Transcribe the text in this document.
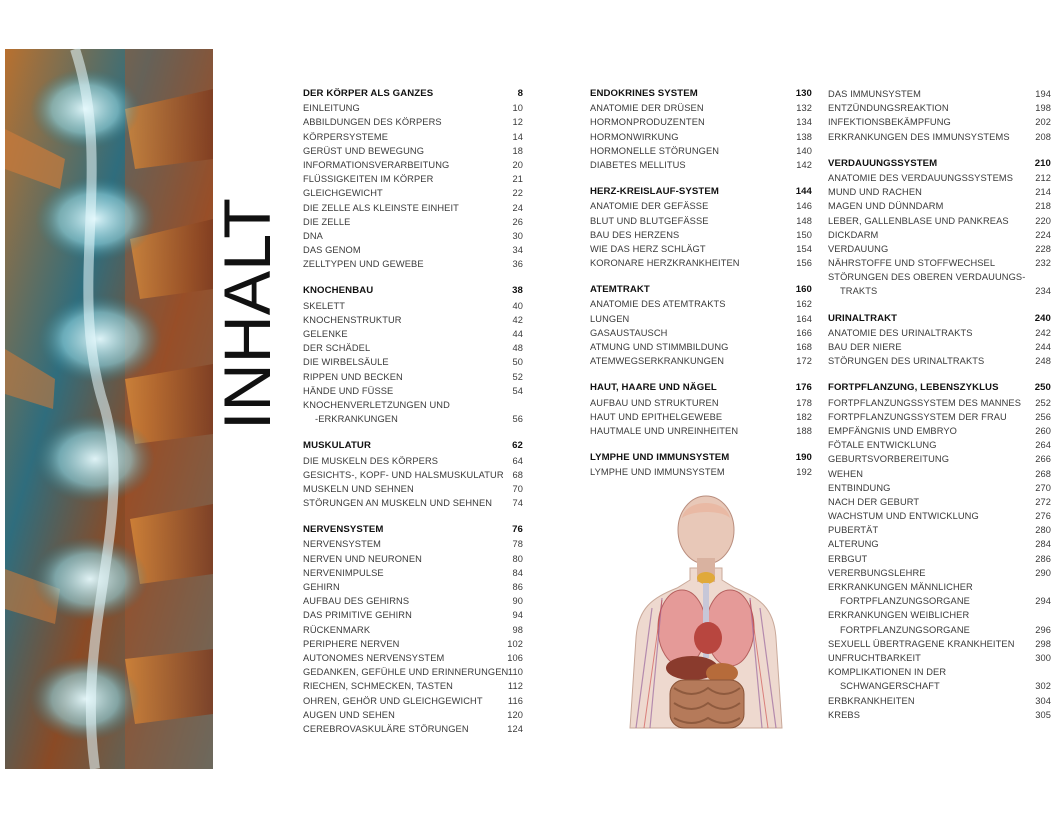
INHALT
DER KÖRPER ALS GANZES	8
EINLEITUNG	10
ABBILDUNGEN DES KÖRPERS	12
KÖRPERSYSTEME	14
GERÜST UND BEWEGUNG	18
INFORMATIONSVERARBEITUNG	20
FLÜSSIGKEITEN IM KÖRPER	21
GLEICHGEWICHT	22
DIE ZELLE ALS KLEINSTE EINHEIT	24
DIE ZELLE	26
DNA	30
DAS GENOM	34
ZELLTYPEN UND GEWEBE	36
KNOCHENBAU	38
SKELETT	40
KNOCHENSTRUKTUR	42
GELENKE	44
DER SCHÄDEL	48
DIE WIRBELSÄULE	50
RIPPEN UND BECKEN	52
HÄNDE UND FÜSSE	54
KNOCHENVERLETZUNGEN UND
-ERKRANKUNGEN	56
MUSKULATUR	62
DIE MUSKELN DES KÖRPERS	64
GESICHTS-, KOPF- UND HALSMUSKULATUR 68
MUSKELN UND SEHNEN	70
STÖRUNGEN AN MUSKELN UND SEHNEN 74
NERVENSYSTEM	76
NERVENSYSTEM	78
NERVEN UND NEURONEN	80
NERVENIMPULSE	84
GEHIRN	86
AUFBAU DES GEHIRNS	90
DAS PRIMITIVE GEHIRN	94
RÜCKENMARK	98
PERIPHERE NERVEN	102
AUTONOMES NERVENSYSTEM	106
GEDANKEN, GEFÜHLE UND ERINNERUNGEN 110
RIECHEN, SCHMECKEN, TASTEN	112
OHREN, GEHÖR UND GLEICHGEWICHT	116
AUGEN UND SEHEN	120
CEREBROVASKULÄRE STÖRUNGEN	124
ENDOKRINES SYSTEM	130
ANATOMIE DER DRÜSEN	132
HORMONPRODUZENTEN	134
HORMONWIRKUNG	138
HORMONELLE STÖRUNGEN	140
DIABETES MELLITUS	142
HERZ-KREISLAUF-SYSTEM	144
ANATOMIE DER GEFÄSSE	146
BLUT UND BLUTGEFÄSSE	148
BAU DES HERZENS	150
WIE DAS HERZ SCHLÄGT	154
KORONARE HERZKRANKHEITEN	156
ATEMTRAKT	160
ANATOMIE DES ATEMTRAKTS	162
LUNGEN	164
GASAUSTAUSCH	166
ATMUNG UND STIMMBILDUNG	168
ATEMWEGSERKRANKUNGEN	172
HAUT, HAARE UND NÄGEL	176
AUFBAU UND STRUKTUREN	178
HAUT UND EPITHELGEWEBE	182
HAUTMALE UND UNREINHEITEN	188
LYMPHE UND IMMUNSYSTEM	190
LYMPHE UND IMMUNSYSTEM	192
DAS IMMUNSYSTEM	194
ENTZÜNDUNGSREAKTION	198
INFEKTIONSBEKÄMPFUNG	202
ERKRANKUNGEN DES IMMUNSYSTEMS	208
VERDAUUNGSSYSTEM	210
ANATOMIE DES VERDAUUNGSSYSTEMS 212
MUND UND RACHEN	214
MAGEN UND DÜNNDARM	218
LEBER, GALLENBLASE UND PANKREAS	220
DICKDARM	224
VERDAUUNG	228
NÄHRSTOFFE UND STOFFWECHSEL	232
STÖRUNGEN DES OBEREN VERDAUUNGS-
TRAKTS	234
URINALTRAKT	240
ANATOMIE DES URINALTRAKTS	242
BAU DER NIERE	244
STÖRUNGEN DES URINALTRAKTS	248
FORTPFLANZUNG, LEBENSZYKLUS	250
FORTPFLANZUNGSSYSTEM DES MANNES 252
FORTPFLANZUNGSSYSTEM DER FRAU	256
EMPFÄNGNIS UND EMBRYO	260
FÖTALE ENTWICKLUNG	264
GEBURTSVORBEREITUNG	266
WEHEN	268
ENTBINDUNG	270
NACH DER GEBURT	272
WACHSTUM UND ENTWICKLUNG	276
PUBERTÄT	280
ALTERUNG	284
ERBGUT	286
VERERBUNGSLEHRE	290
ERKRANKUNGEN MÄNNLICHER
FORTPFLANZUNGSORGANE	294
ERKRANKUNGEN WEIBLICHER
FORTPFLANZUNGSORGANE	296
SEXUELL ÜBERTRAGENE KRANKHEITEN 298
UNFRUCHTBARKEIT	300
KOMPLIKATIONEN IN DER
SCHWANGERSCHAFT	302
ERBKRANKHEITEN	304
KREBS	305
